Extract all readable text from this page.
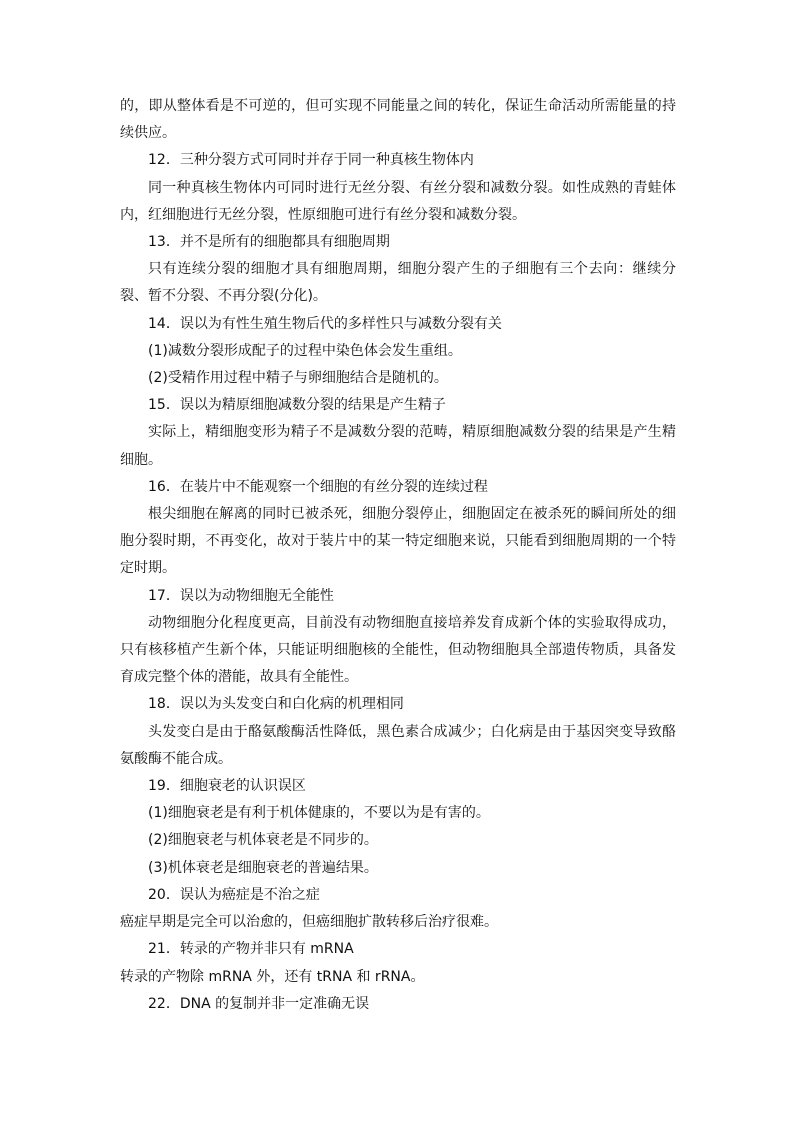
的，即从整体看是不可逆的，但可实现不同能量之间的转化，保证生命活动所需能量的持续供应。

12．三种分裂方式可同时并存于同一种真核生物体内

同一种真核生物体内可同时进行无丝分裂、有丝分裂和减数分裂。如性成熟的青蛙体内，红细胞进行无丝分裂，性原细胞可进行有丝分裂和减数分裂。

13．并不是所有的细胞都具有细胞周期

只有连续分裂的细胞才具有细胞周期，细胞分裂产生的子细胞有三个去向：继续分裂、暂不分裂、不再分裂(分化)。

14．误以为有性生殖生物后代的多样性只与减数分裂有关

(1)减数分裂形成配子的过程中染色体会发生重组。

(2)受精作用过程中精子与卵细胞结合是随机的。

15．误以为精原细胞减数分裂的结果是产生精子

实际上，精细胞变形为精子不是减数分裂的范畴，精原细胞减数分裂的结果是产生精细胞。

16．在装片中不能观察一个细胞的有丝分裂的连续过程

根尖细胞在解离的同时已被杀死，细胞分裂停止，细胞固定在被杀死的瞬间所处的细胞分裂时期，不再变化，故对于装片中的某一特定细胞来说，只能看到细胞周期的一个特定时期。

17．误以为动物细胞无全能性

动物细胞分化程度更高，目前没有动物细胞直接培养发育成新个体的实验取得成功，只有核移植产生新个体，只能证明细胞核的全能性，但动物细胞具全部遗传物质，具备发育成完整个体的潜能，故具有全能性。

18．误以为头发变白和白化病的机理相同

头发变白是由于酪氨酸酶活性降低，黑色素合成减少；白化病是由于基因突变导致酪氨酸酶不能合成。

19．细胞衰老的认识误区

(1)细胞衰老是有利于机体健康的，不要以为是有害的。

(2)细胞衰老与机体衰老是不同步的。

(3)机体衰老是细胞衰老的普遍结果。

20．误认为癌症是不治之症

癌症早期是完全可以治愈的，但癌细胞扩散转移后治疗很难。

21．转录的产物并非只有 mRNA

转录的产物除 mRNA 外，还有 tRNA 和 rRNA。

22．DNA 的复制并非一定准确无误
